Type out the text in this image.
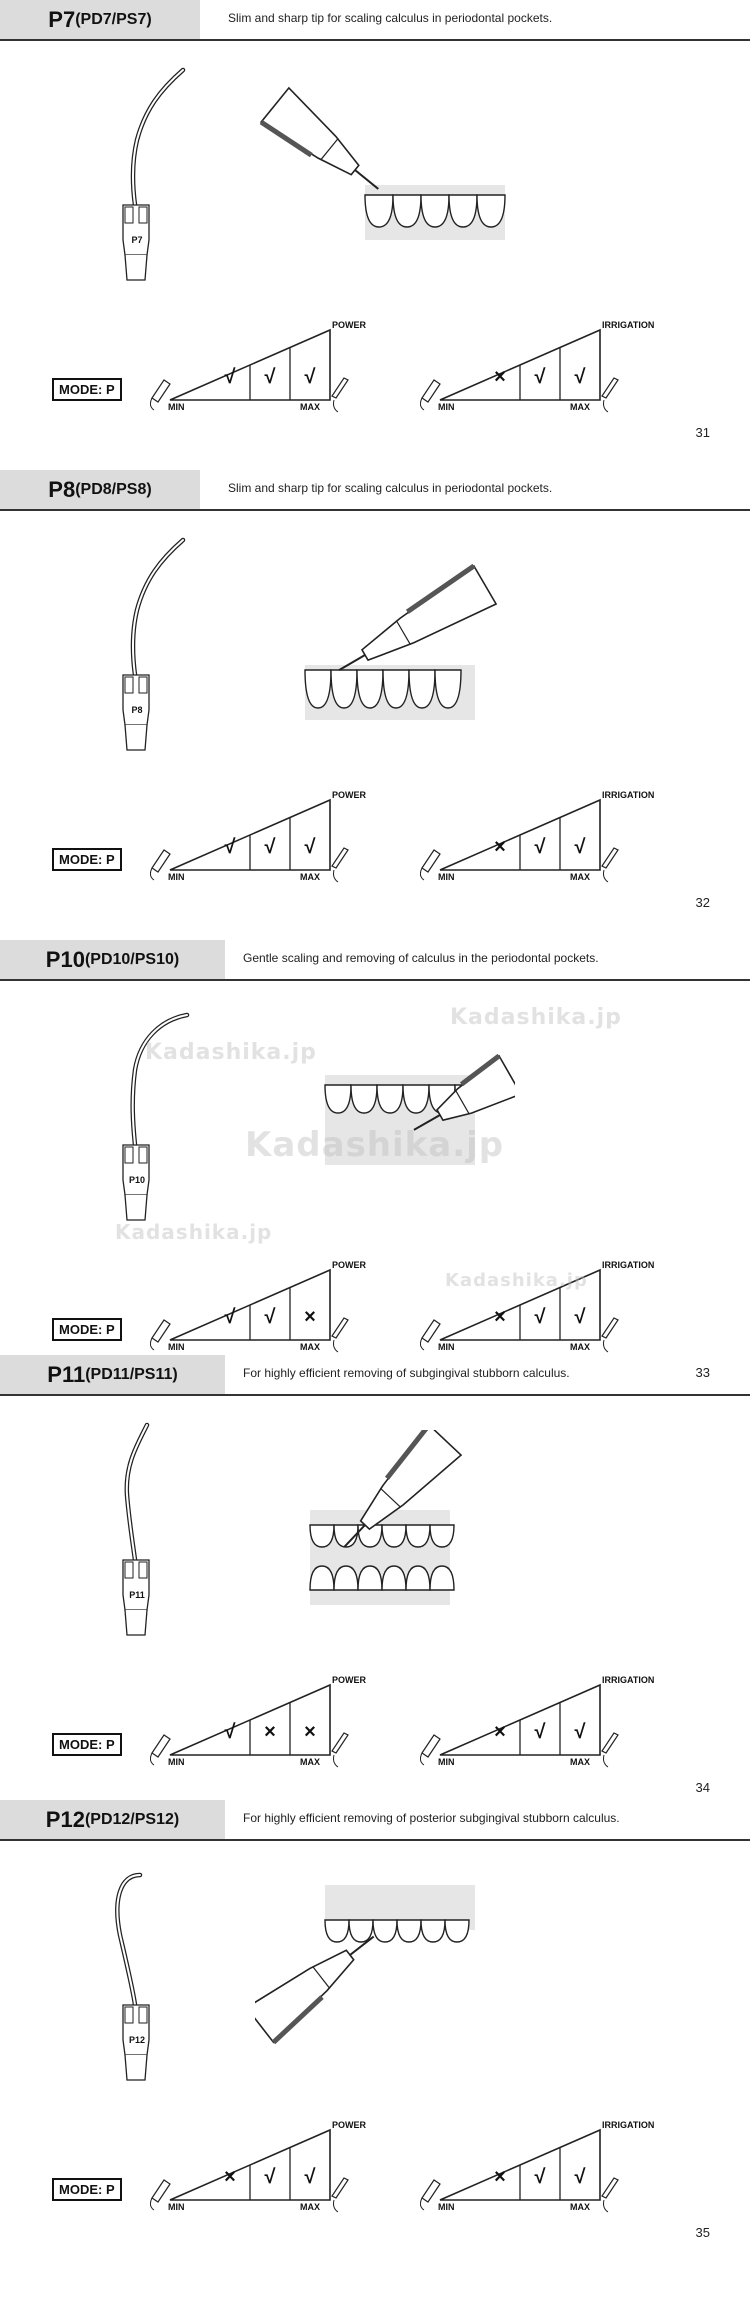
P7 (PD7/PS7)	Slim and sharp tip for scaling calculus in periodontal pockets.
P7
MODE: P
POWER
MIN	MAX
√	√	√
IRRIGATION
MIN	MAX
×	√	√
31
P8 (PD8/PS8)	Slim and sharp tip for scaling calculus in periodontal pockets.
P8
MODE: P
POWER
MIN	MAX
√	√	√
IRRIGATION
MIN	MAX
×	√	√
32
P10 (PD10/PS10)	Gentle scaling and removing of calculus in the periodontal pockets.
P10
MODE: P
POWER
MIN	MAX
√	√	×
IRRIGATION
MIN	MAX
×	√	√
33
P11 (PD11/PS11)	For highly efficient removing of subgingival stubborn calculus.
P11
MODE: P
POWER
MIN	MAX
√	×	×
IRRIGATION
MIN	MAX
×	√	√
34
P12 (PD12/PS12)	For highly efficient removing of posterior subgingival stubborn calculus.
P12
MODE: P
POWER
MIN	MAX
×	√	√
IRRIGATION
MIN	MAX
×	√	√
35
Kadashika.jp
Kadashika.jp
Kadashika.jp
Kadashika.jp
Kadashika.jp
